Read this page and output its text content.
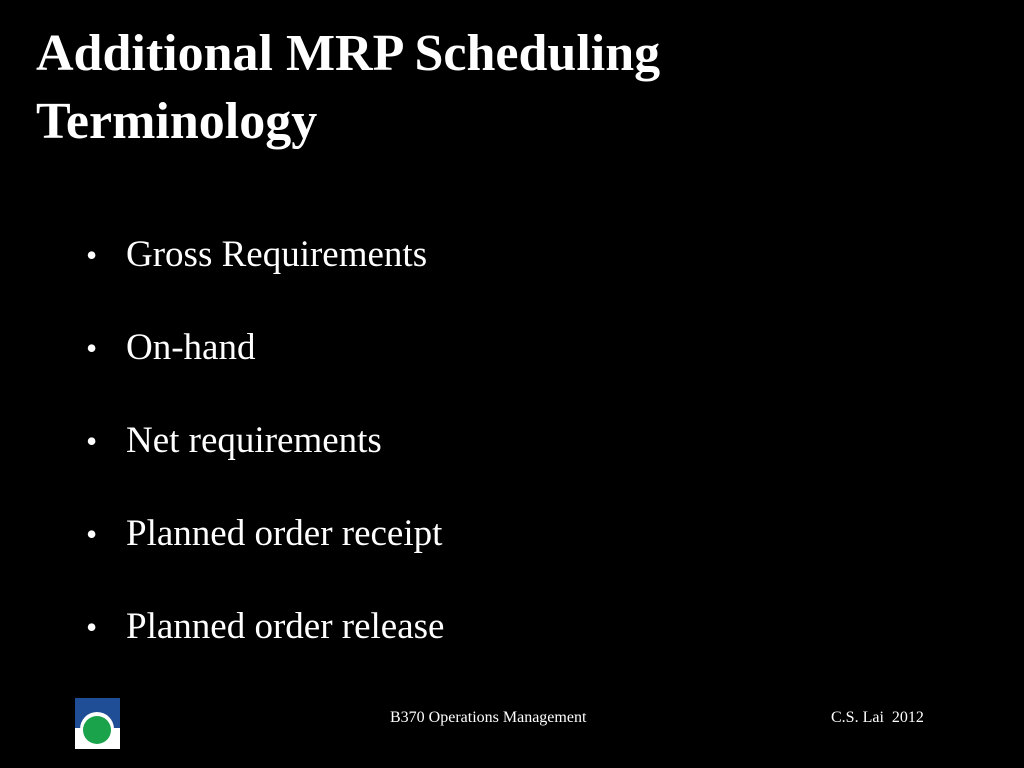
Additional MRP Scheduling
Terminology
• Gross Requirements
• On-hand
• Net requirements
• Planned order receipt
• Planned order release
B370 Operations Management	C.S. Lai  2012
